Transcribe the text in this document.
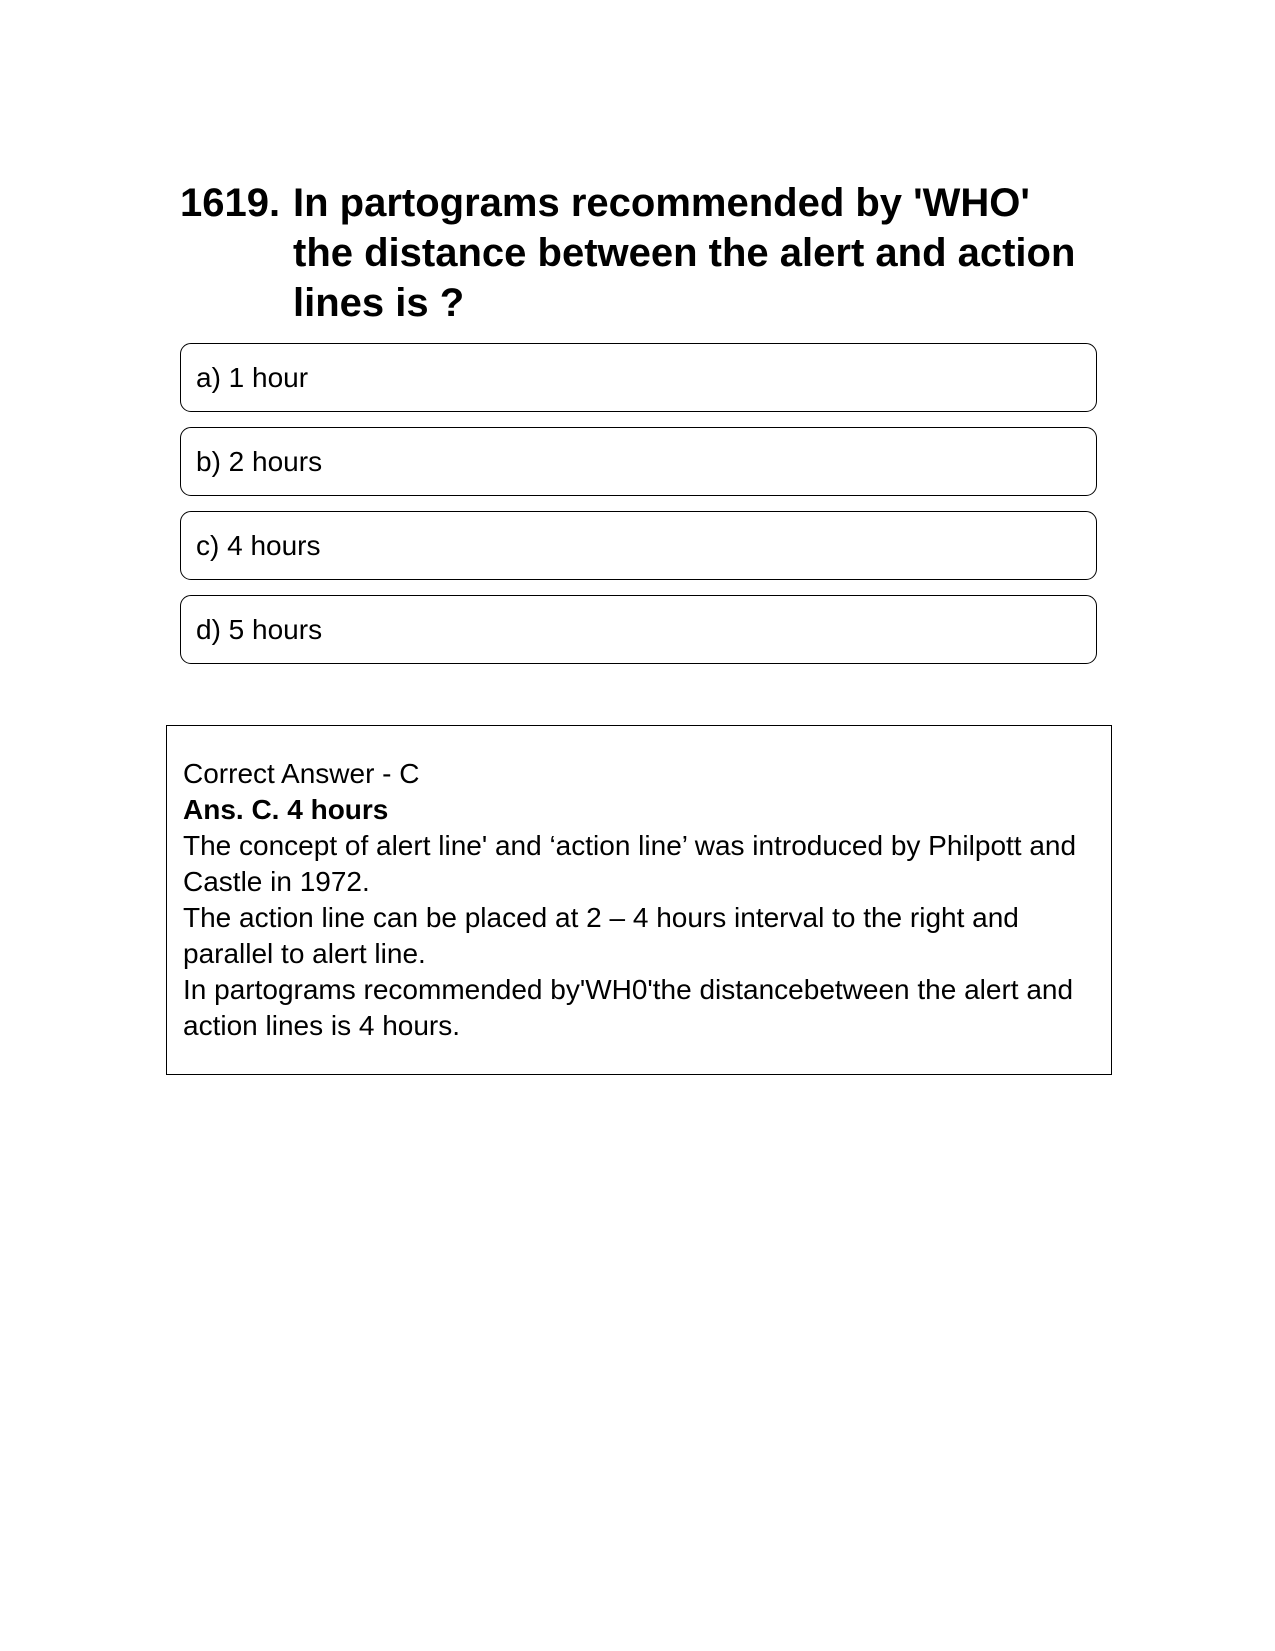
1619. In partograms recommended by 'WHO' the distance between the alert and action lines is ?
a) 1 hour
b) 2 hours
c) 4 hours
d) 5 hours

Correct Answer - C

Ans. C. 4 hours

The concept of alert line' and ‘action line’ was introduced by Philpott and Castle in 1972.

The action line can be placed at 2 – 4 hours interval to the right and parallel to alert line.

In partograms recommended by'WH0'the distancebetween the alert and action lines is 4 hours.
